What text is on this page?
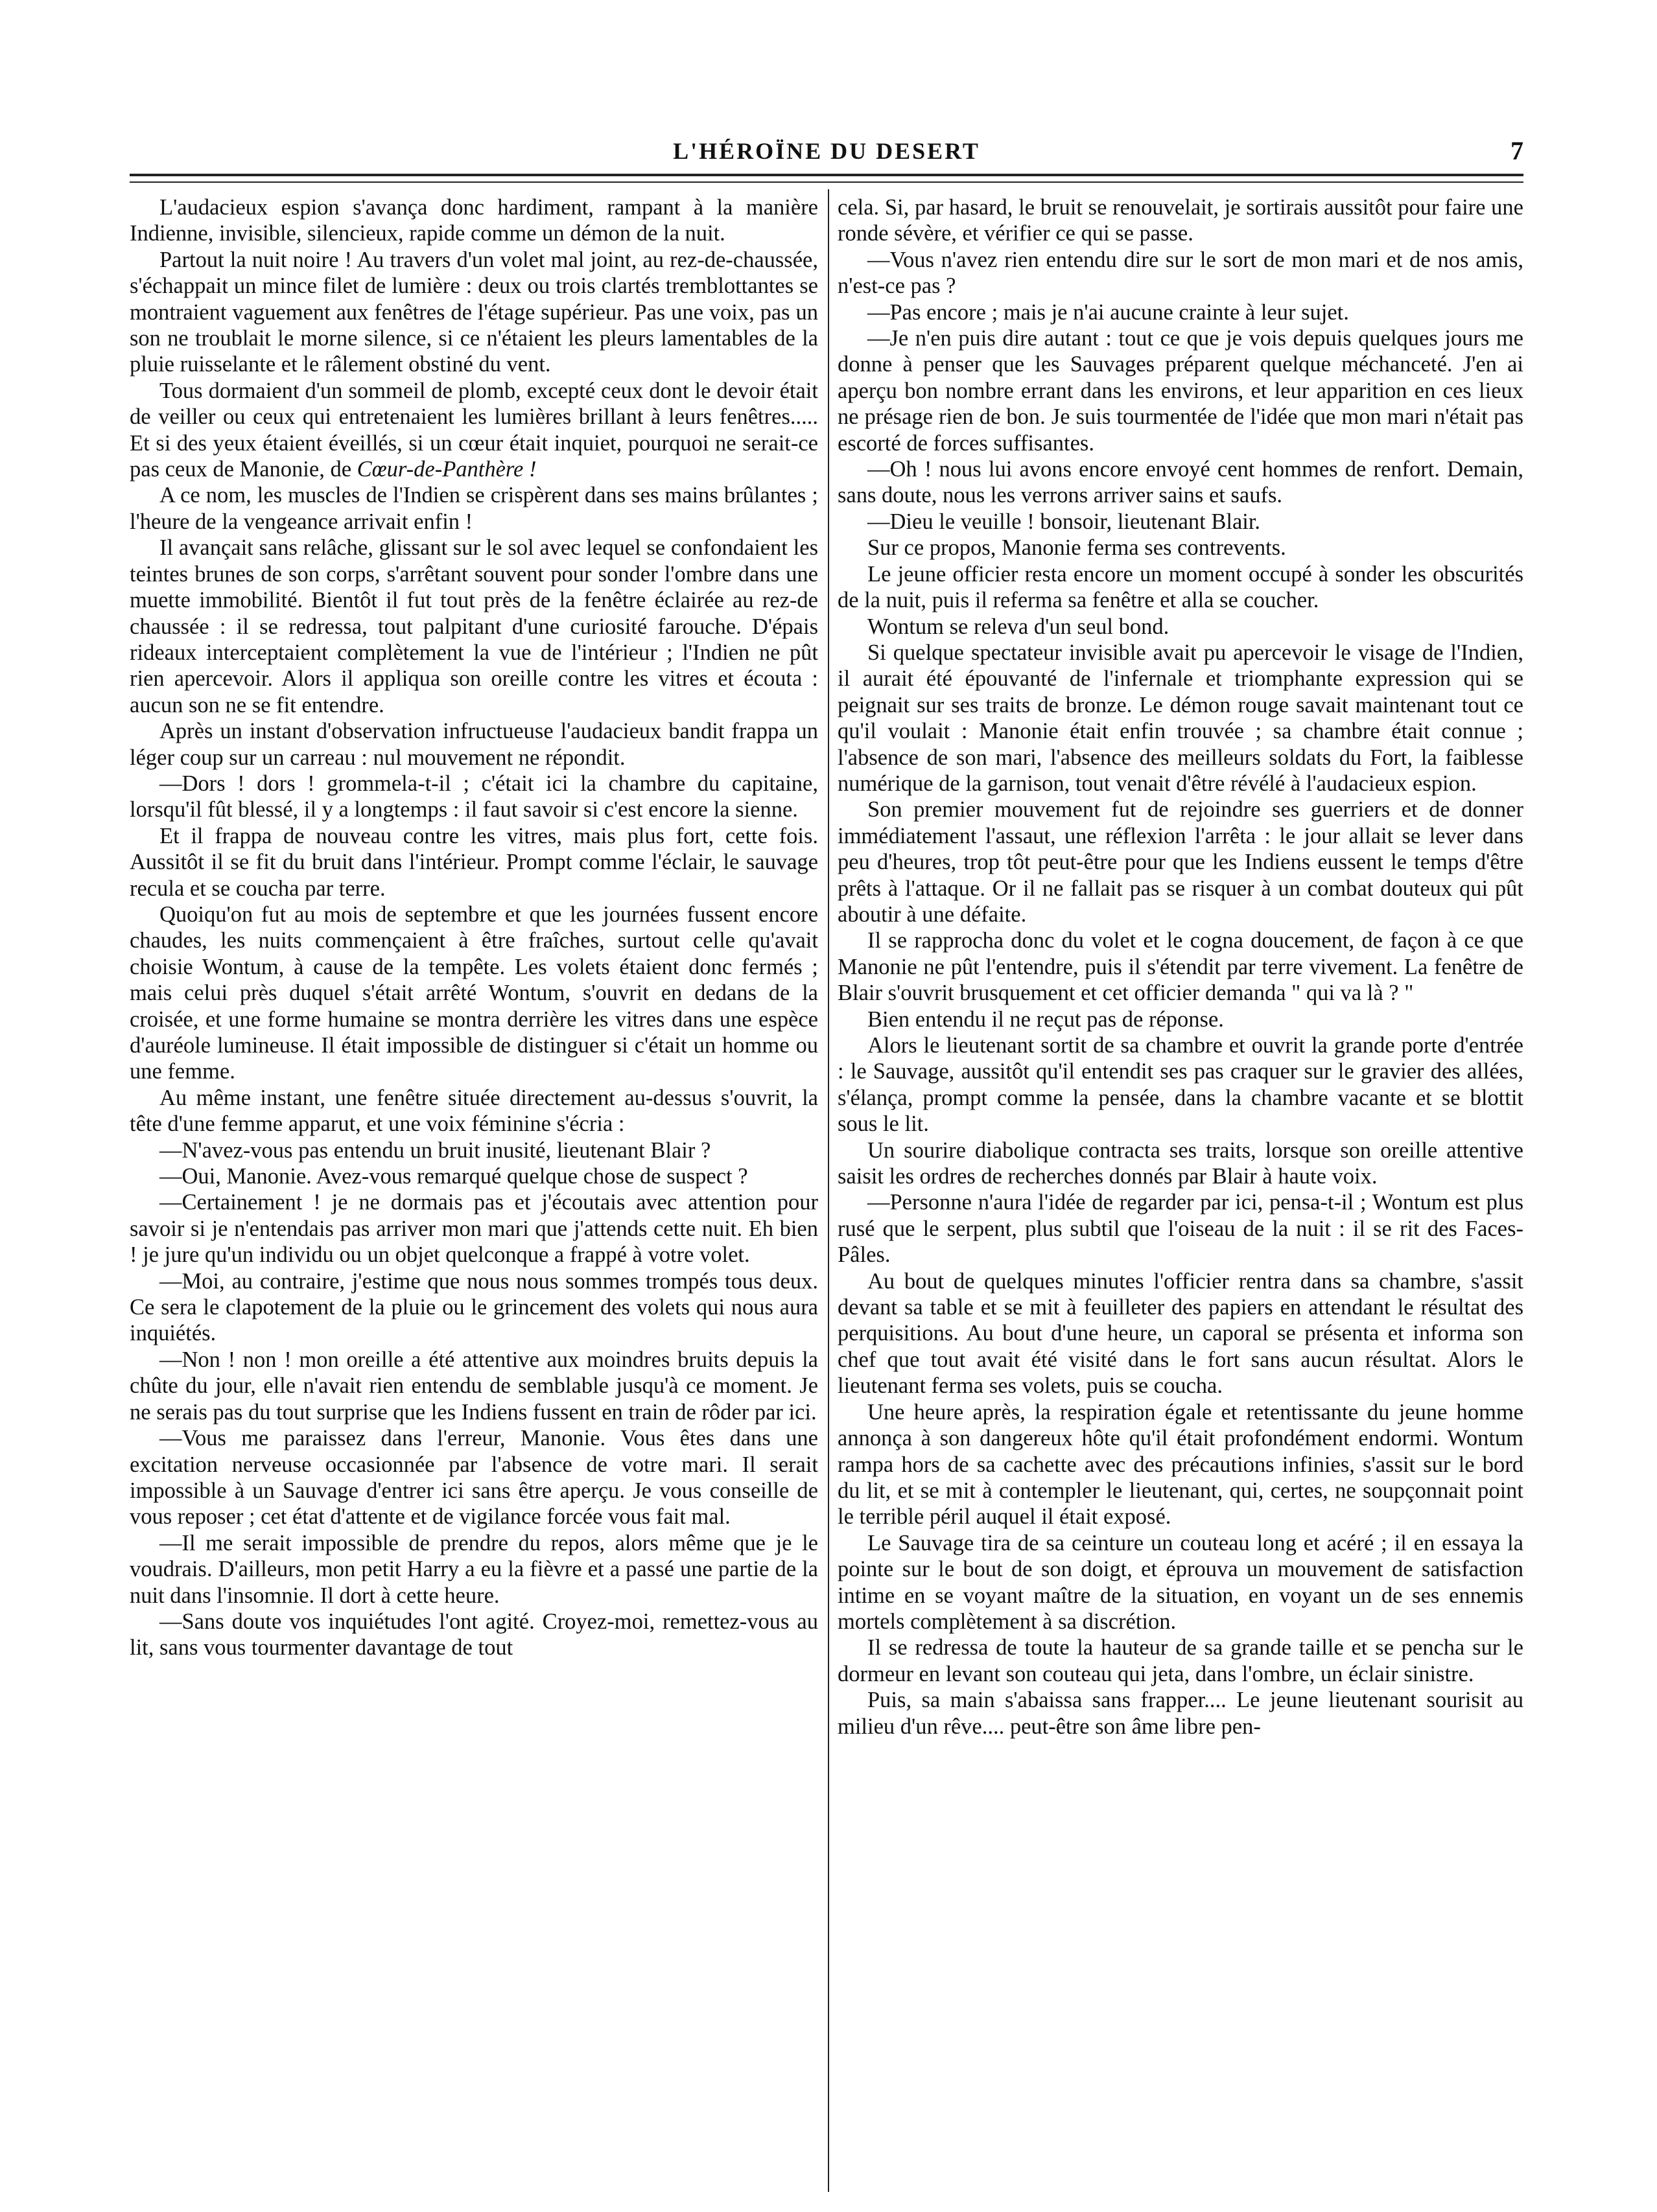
L'HÉROÏNE DU DESERT	7

L'audacieux espion s'avança donc hardiment, rampant à la manière Indienne, invisible, silencieux, rapide comme un démon de la nuit.

Partout la nuit noire ! Au travers d'un volet mal joint, au rez-de-chaussée, s'échappait un mince filet de lumière : deux ou trois clartés tremblottantes se montraient vaguement aux fenêtres de l'étage supérieur. Pas une voix, pas un son ne troublait le morne silence, si ce n'étaient les pleurs lamentables de la pluie ruisselante et le râlement obstiné du vent.

Tous dormaient d'un sommeil de plomb, excepté ceux dont le devoir était de veiller ou ceux qui entretenaient les lumières brillant à leurs fenêtres..... Et si des yeux étaient éveillés, si un cœur était inquiet, pourquoi ne serait-ce pas ceux de Manonie, de Cœur-de-Panthère !

A ce nom, les muscles de l'Indien se crispèrent dans ses mains brûlantes ; l'heure de la vengeance arrivait enfin !

Il avançait sans relâche, glissant sur le sol avec lequel se confondaient les teintes brunes de son corps, s'arrêtant souvent pour sonder l'ombre dans une muette immobilité. Bientôt il fut tout près de la fenêtre éclairée au rez-de chaussée : il se redressa, tout palpitant d'une curiosité farouche. D'épais rideaux interceptaient complètement la vue de l'intérieur ; l'Indien ne pût rien apercevoir. Alors il appliqua son oreille contre les vitres et écouta : aucun son ne se fit entendre.

Après un instant d'observation infructueuse l'audacieux bandit frappa un léger coup sur un carreau : nul mouvement ne répondit.

—Dors ! dors ! grommela-t-il ; c'était ici la chambre du capitaine, lorsqu'il fût blessé, il y a longtemps : il faut savoir si c'est encore la sienne.

Et il frappa de nouveau contre les vitres, mais plus fort, cette fois. Aussitôt il se fit du bruit dans l'intérieur. Prompt comme l'éclair, le sauvage recula et se coucha par terre.

Quoiqu'on fut au mois de septembre et que les journées fussent encore chaudes, les nuits commençaient à être fraîches, surtout celle qu'avait choisie Wontum, à cause de la tempête. Les volets étaient donc fermés ; mais celui près duquel s'était arrêté Wontum, s'ouvrit en dedans de la croisée, et une forme humaine se montra derrière les vitres dans une espèce d'auréole lumineuse. Il était impossible de distinguer si c'était un homme ou une femme.

Au même instant, une fenêtre située directement au-dessus s'ouvrit, la tête d'une femme apparut, et une voix féminine s'écria :

—N'avez-vous pas entendu un bruit inusité, lieutenant Blair ?

—Oui, Manonie. Avez-vous remarqué quelque chose de suspect ?

—Certainement ! je ne dormais pas et j'écoutais avec attention pour savoir si je n'entendais pas arriver mon mari que j'attends cette nuit. Eh bien ! je jure qu'un individu ou un objet quelconque a frappé à votre volet.

—Moi, au contraire, j'estime que nous nous sommes trompés tous deux. Ce sera le clapotement de la pluie ou le grincement des volets qui nous aura inquiétés.

—Non ! non ! mon oreille a été attentive aux moindres bruits depuis la chûte du jour, elle n'avait rien entendu de semblable jusqu'à ce moment. Je ne serais pas du tout surprise que les Indiens fussent en train de rôder par ici.

—Vous me paraissez dans l'erreur, Manonie. Vous êtes dans une excitation nerveuse occasionnée par l'absence de votre mari. Il serait impossible à un Sauvage d'entrer ici sans être aperçu. Je vous conseille de vous reposer ; cet état d'attente et de vigilance forcée vous fait mal.

—Il me serait impossible de prendre du repos, alors même que je le voudrais. D'ailleurs, mon petit Harry a eu la fièvre et a passé une partie de la nuit dans l'insomnie. Il dort à cette heure.

—Sans doute vos inquiétudes l'ont agité. Croyez-moi, remettez-vous au lit, sans vous tourmenter davantage de tout

cela. Si, par hasard, le bruit se renouvelait, je sortirais aussitôt pour faire une ronde sévère, et vérifier ce qui se passe.

—Vous n'avez rien entendu dire sur le sort de mon mari et de nos amis, n'est-ce pas ?

—Pas encore ; mais je n'ai aucune crainte à leur sujet.

—Je n'en puis dire autant : tout ce que je vois depuis quelques jours me donne à penser que les Sauvages préparent quelque méchanceté. J'en ai aperçu bon nombre errant dans les environs, et leur apparition en ces lieux ne présage rien de bon. Je suis tourmentée de l'idée que mon mari n'était pas escorté de forces suffisantes.

—Oh ! nous lui avons encore envoyé cent hommes de renfort. Demain, sans doute, nous les verrons arriver sains et saufs.

—Dieu le veuille ! bonsoir, lieutenant Blair.

Sur ce propos, Manonie ferma ses contrevents.

Le jeune officier resta encore un moment occupé à sonder les obscurités de la nuit, puis il referma sa fenêtre et alla se coucher.

Wontum se releva d'un seul bond.

Si quelque spectateur invisible avait pu apercevoir le visage de l'Indien, il aurait été épouvanté de l'infernale et triomphante expression qui se peignait sur ses traits de bronze. Le démon rouge savait maintenant tout ce qu'il voulait : Manonie était enfin trouvée ; sa chambre était connue ; l'absence de son mari, l'absence des meilleurs soldats du Fort, la faiblesse numérique de la garnison, tout venait d'être révélé à l'audacieux espion.

Son premier mouvement fut de rejoindre ses guerriers et de donner immédiatement l'assaut, une réflexion l'arrêta : le jour allait se lever dans peu d'heures, trop tôt peut-être pour que les Indiens eussent le temps d'être prêts à l'attaque. Or il ne fallait pas se risquer à un combat douteux qui pût aboutir à une défaite.

Il se rapprocha donc du volet et le cogna doucement, de façon à ce que Manonie ne pût l'entendre, puis il s'étendit par terre vivement. La fenêtre de Blair s'ouvrit brusquement et cet officier demanda " qui va là ? "

Bien entendu il ne reçut pas de réponse.

Alors le lieutenant sortit de sa chambre et ouvrit la grande porte d'entrée : le Sauvage, aussitôt qu'il entendit ses pas craquer sur le gravier des allées, s'élança, prompt comme la pensée, dans la chambre vacante et se blottit sous le lit.

Un sourire diabolique contracta ses traits, lorsque son oreille attentive saisit les ordres de recherches donnés par Blair à haute voix.

—Personne n'aura l'idée de regarder par ici, pensa-t-il ; Wontum est plus rusé que le serpent, plus subtil que l'oiseau de la nuit : il se rit des Faces-Pâles.

Au bout de quelques minutes l'officier rentra dans sa chambre, s'assit devant sa table et se mit à feuilleter des papiers en attendant le résultat des perquisitions. Au bout d'une heure, un caporal se présenta et informa son chef que tout avait été visité dans le fort sans aucun résultat. Alors le lieutenant ferma ses volets, puis se coucha.

Une heure après, la respiration égale et retentissante du jeune homme annonça à son dangereux hôte qu'il était profondément endormi. Wontum rampa hors de sa cachette avec des précautions infinies, s'assit sur le bord du lit, et se mit à contempler le lieutenant, qui, certes, ne soupçonnait point le terrible péril auquel il était exposé.

Le Sauvage tira de sa ceinture un couteau long et acéré ; il en essaya la pointe sur le bout de son doigt, et éprouva un mouvement de satisfaction intime en se voyant maître de la situation, en voyant un de ses ennemis mortels complètement à sa discrétion.

Il se redressa de toute la hauteur de sa grande taille et se pencha sur le dormeur en levant son couteau qui jeta, dans l'ombre, un éclair sinistre.

Puis, sa main s'abaissa sans frapper.... Le jeune lieutenant sourisit au milieu d'un rêve.... peut-être son âme libre pen-
